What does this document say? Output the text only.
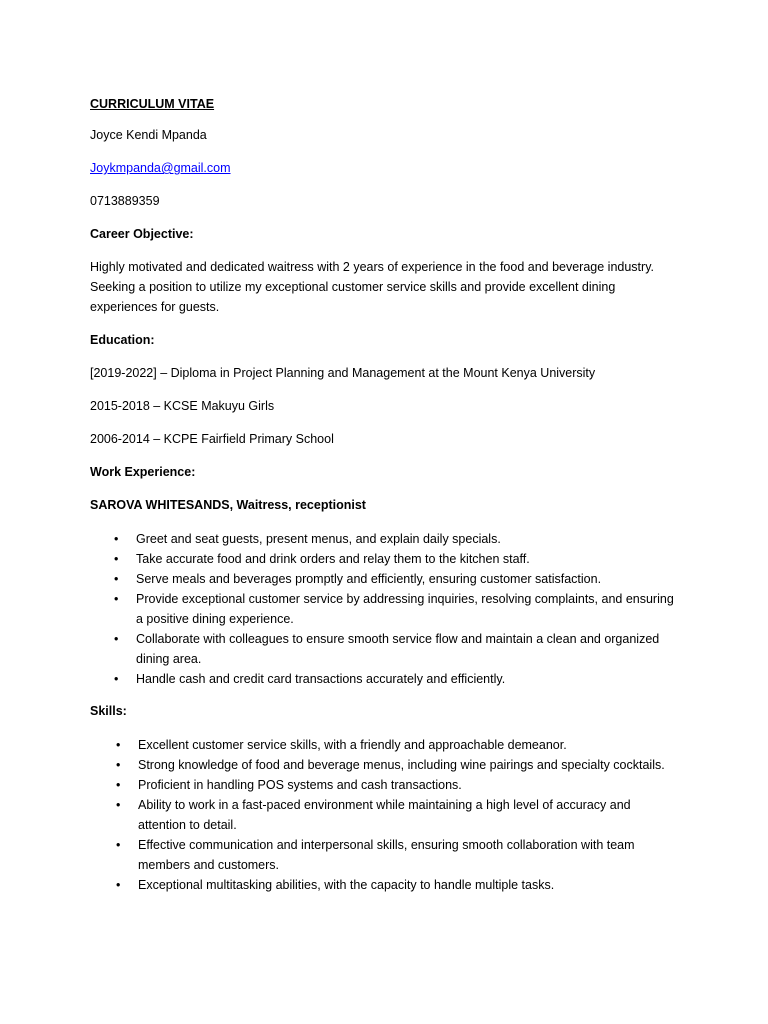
CURRICULUM VITAE

Joyce Kendi Mpanda

Joykmpanda@gmail.com

0713889359

Career Objective:

Highly motivated and dedicated waitress with 2 years of experience in the food and beverage industry.

Seeking a position to utilize my exceptional customer service skills and provide excellent dining

experiences for guests.

Education:

[2019-2022] – Diploma in Project Planning and Management at the Mount Kenya University

2015-2018 – KCSE Makuyu Girls

2006-2014 – KCPE Fairfield Primary School

Work Experience:

SAROVA WHITESANDS, Waitress, receptionist

• Greet and seat guests, present menus, and explain daily specials.
• Take accurate food and drink orders and relay them to the kitchen staff.
• Serve meals and beverages promptly and efficiently, ensuring customer satisfaction.
• Provide exceptional customer service by addressing inquiries, resolving complaints, and ensuring a positive dining experience.
• Collaborate with colleagues to ensure smooth service flow and maintain a clean and organized dining area.
• Handle cash and credit card transactions accurately and efficiently.

Skills:

• Excellent customer service skills, with a friendly and approachable demeanor.
• Strong knowledge of food and beverage menus, including wine pairings and specialty cocktails.
• Proficient in handling POS systems and cash transactions.
• Ability to work in a fast-paced environment while maintaining a high level of accuracy and attention to detail.
• Effective communication and interpersonal skills, ensuring smooth collaboration with team members and customers.
• Exceptional multitasking abilities, with the capacity to handle multiple tasks.
